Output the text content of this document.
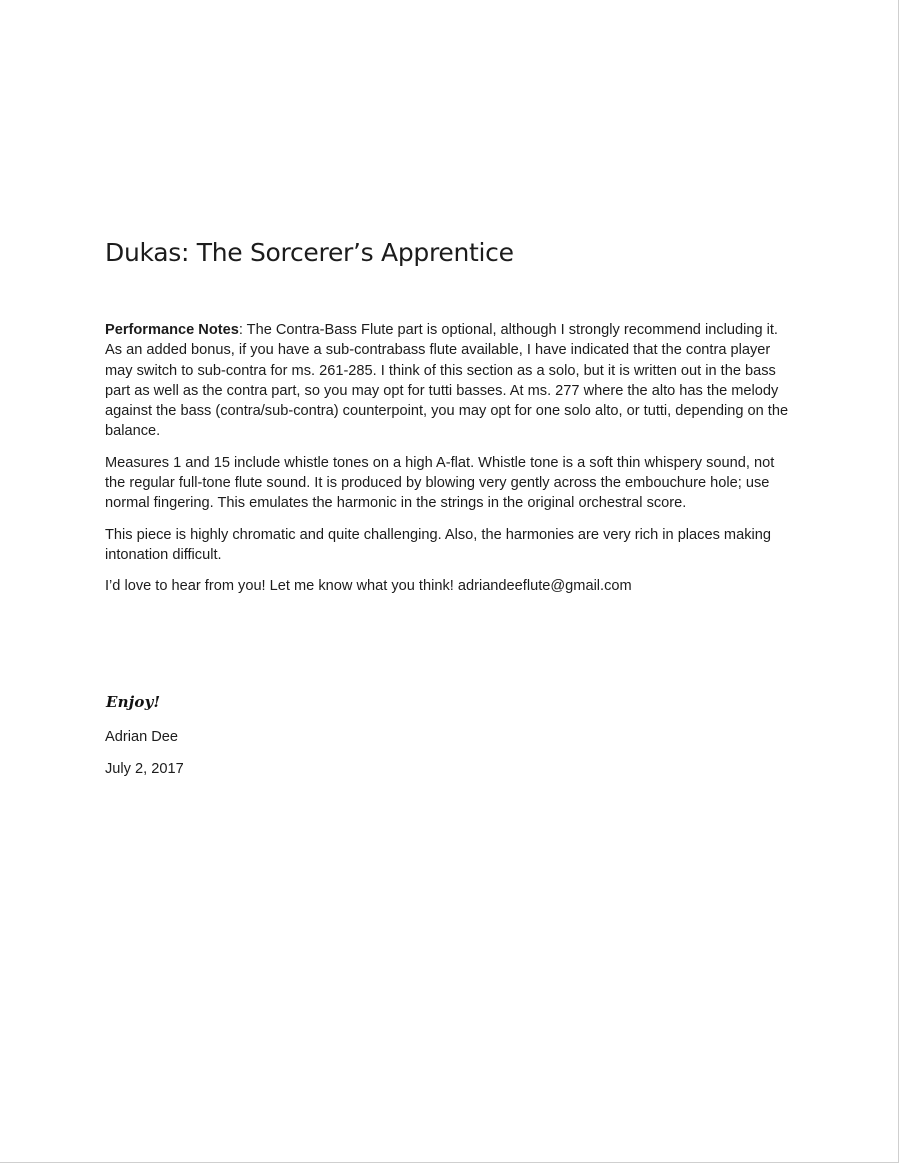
Dukas: The Sorcerer’s Apprentice

Performance Notes: The Contra-Bass Flute part is optional, although I strongly recommend including it. As an added bonus, if you have a sub-contrabass flute available, I have indicated that the contra player may switch to sub-contra for ms. 261-285. I think of this section as a solo, but it is written out in the bass part as well as the contra part, so you may opt for tutti basses. At ms. 277 where the alto has the melody against the bass (contra/sub-contra) counterpoint, you may opt for one solo alto, or tutti, depending on the balance.

Measures 1 and 15 include whistle tones on a high A-flat. Whistle tone is a soft thin whispery sound, not the regular full-tone flute sound. It is produced by blowing very gently across the embouchure hole; use normal fingering. This emulates the harmonic in the strings in the original orchestral score.

This piece is highly chromatic and quite challenging. Also, the harmonies are very rich in places making intonation difficult.

I’d love to hear from you! Let me know what you think! adriandeeflute@gmail.com

Enjoy!
Adrian Dee
July 2, 2017
